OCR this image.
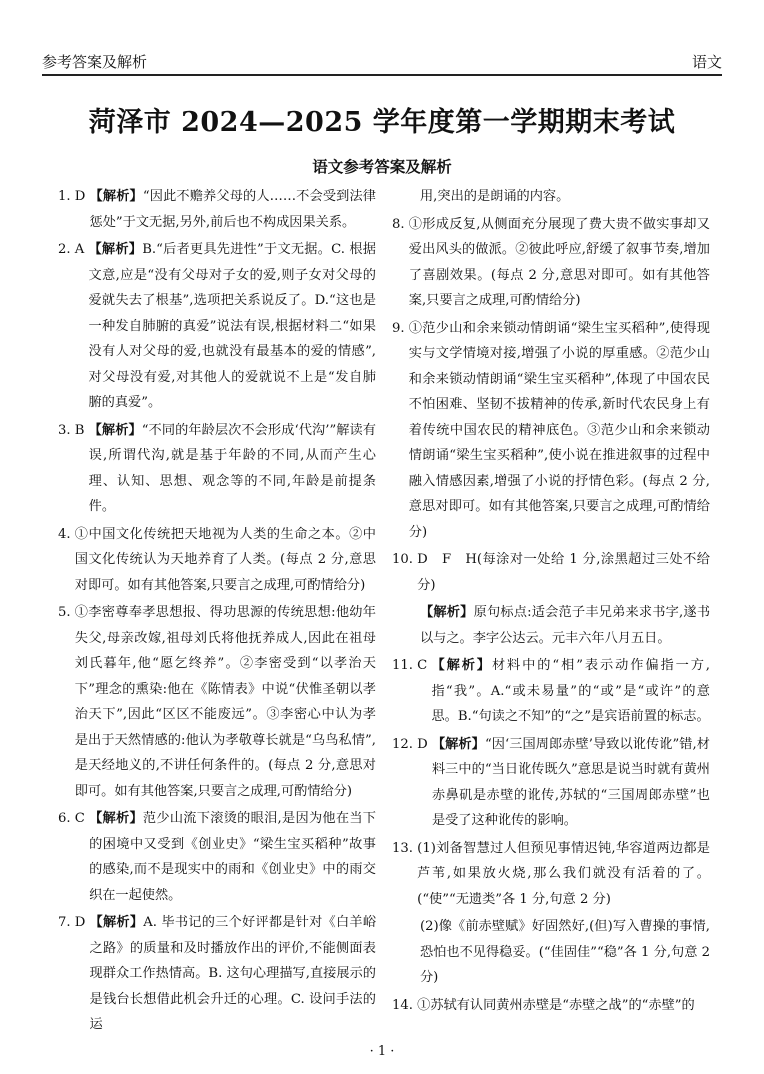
参考答案及解析	语文
菏泽市 2024—2025 学年度第一学期期末考试
语文参考答案及解析
1. D 【解析】“因此不赡养父母的人……不会受到法律惩处”于文无据,另外,前后也不构成因果关系。
2. A 【解析】B.“后者更具先进性”于文无据。C. 根据文意,应是“没有父母对子女的爱,则子女对父母的爱就失去了根基”,选项把关系说反了。D.“这也是一种发自肺腑的真爱”说法有误,根据材料二“如果没有人对父母的爱,也就没有最基本的爱的情感”,对父母没有爱,对其他人的爱就说不上是“发自肺腑的真爱”。
3. B 【解析】“不同的年龄层次不会形成‘代沟’”解读有误,所谓代沟,就是基于年龄的不同,从而产生心理、认知、思想、观念等的不同,年龄是前提条件。
4. ①中国文化传统把天地视为人类的生命之本。②中国文化传统认为天地养育了人类。(每点 2 分,意思对即可。如有其他答案,只要言之成理,可酌情给分)
5. ①李密尊奉孝思想报、得功思源的传统思想:他幼年失父,母亲改嫁,祖母刘氏将他抚养成人,因此在祖母刘氏暮年,他“愿乞终养”。②李密受到“以孝治天下”理念的熏染:他在《陈情表》中说“伏惟圣朝以孝治天下”,因此“区区不能废远”。③李密心中认为孝是出于天然情感的:他认为孝敬尊长就是“乌鸟私情”,是天经地义的,不讲任何条件的。(每点 2 分,意思对即可。如有其他答案,只要言之成理,可酌情给分)
6. C 【解析】范少山流下滚烫的眼泪,是因为他在当下的困境中又受到《创业史》“梁生宝买稻种”故事的感染,而不是现实中的雨和《创业史》中的雨交织在一起使然。
7. D 【解析】A. 毕书记的三个好评都是针对《白羊峪之路》的质量和及时播放作出的评价,不能侧面表现群众工作热情高。B. 这句心理描写,直接展示的是钱台长想借此机会升迁的心理。C. 设问手法的运
用,突出的是朗诵的内容。
8. ①形成反复,从侧面充分展现了费大贵不做实事却又爱出风头的做派。②彼此呼应,舒缓了叙事节奏,增加了喜剧效果。(每点 2 分,意思对即可。如有其他答案,只要言之成理,可酌情给分)
9. ①范少山和余来锁动情朗诵“梁生宝买稻种”,使得现实与文学情境对接,增强了小说的厚重感。②范少山和余来锁动情朗诵“梁生宝买稻种”,体现了中国农民不怕困难、坚韧不拔精神的传承,新时代农民身上有着传统中国农民的精神底色。③范少山和余来锁动情朗诵“梁生宝买稻种”,使小说在推进叙事的过程中融入情感因素,增强了小说的抒情色彩。(每点 2 分,意思对即可。如有其他答案,只要言之成理,可酌情给分)
10. D　F　H(每涂对一处给 1 分,涂黑超过三处不给分)
【解析】原句标点:适会范子丰兄弟来求书字,遂书以与之。李字公达云。元丰六年八月五日。
11. C 【解析】材料中的“相”表示动作偏指一方,指“我”。A.“或未易量”的“或”是“或许”的意思。B.“句读之不知”的“之”是宾语前置的标志。
12. D 【解析】“因‘三国周郎赤壁’导致以讹传讹”错,材料三中的“当日讹传既久”意思是说当时就有黄州赤鼻矶是赤壁的讹传,苏轼的“三国周郎赤壁”也是受了这种讹传的影响。
13. (1)刘备智慧过人但预见事情迟钝,华容道两边都是芦苇,如果放火烧,那么我们就没有活着的了。(“使”“无遗类”各 1 分,句意 2 分)
(2)像《前赤壁赋》好固然好,(但)写入曹操的事情,恐怕也不见得稳妥。(“佳固佳”“稳”各 1 分,句意 2 分)
14. ①苏轼有认同黄州赤壁是“赤壁之战”的“赤壁”的
· 1 ·
